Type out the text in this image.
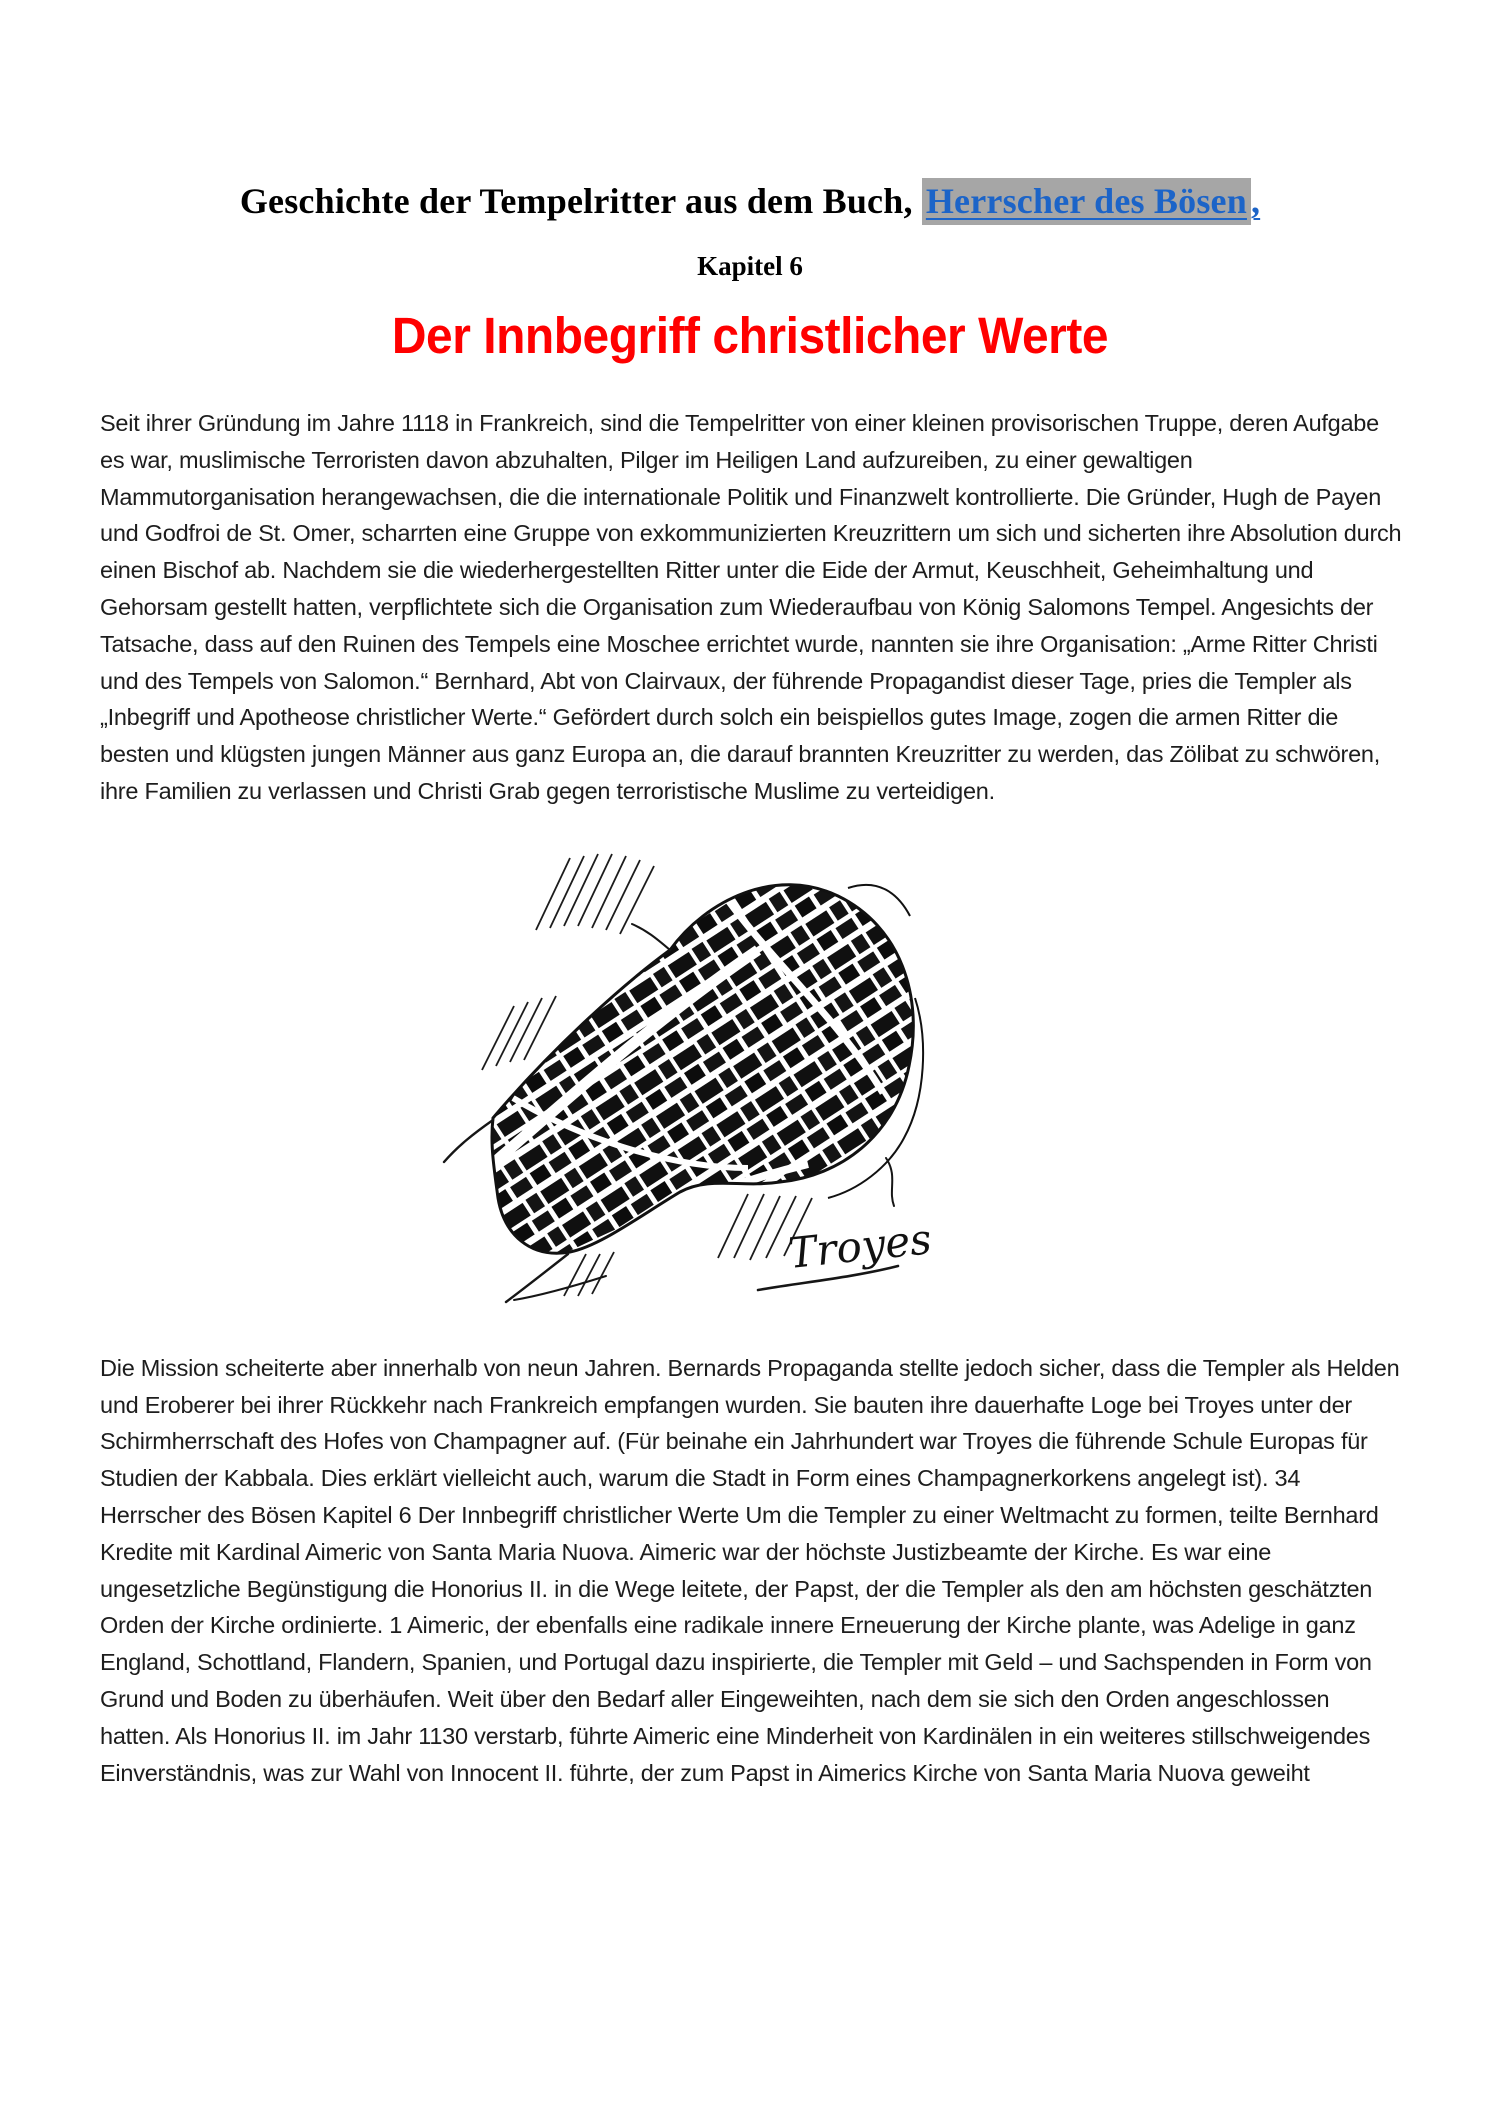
Geschichte der Tempelritter aus dem Buch, Herrscher des Bösen ,
Kapitel 6
Der Innbegriff christlicher Werte

Seit ihrer Gründung im Jahre 1118 in Frankreich, sind die Tempelritter von einer kleinen provisorischen Truppe, deren Aufgabe es war, muslimische Terroristen davon abzuhalten, Pilger im Heiligen Land aufzureiben, zu einer gewaltigen Mammutorganisation herangewachsen, die die internationale Politik und Finanzwelt kontrollierte. Die Gründer, Hugh de Payen und Godfroi de St. Omer, scharrten eine Gruppe von exkommunizierten Kreuzrittern um sich und sicherten ihre Absolution durch einen Bischof ab. Nachdem sie die wiederhergestellten Ritter unter die Eide der Armut, Keuschheit, Geheimhaltung und Gehorsam gestellt hatten, verpflichtete sich die Organisation zum Wiederaufbau von König Salomons Tempel. Angesichts der Tatsache, dass auf den Ruinen des Tempels eine Moschee errichtet wurde, nannten sie ihre Organisation: „Arme Ritter Christi und des Tempels von Salomon.“ Bernhard, Abt von Clairvaux, der führende Propagandist dieser Tage, pries die Templer als „Inbegriff und Apotheose christlicher Werte.“ Gefördert durch solch ein beispiellos gutes Image, zogen die armen Ritter die besten und klügsten jungen Männer aus ganz Europa an, die darauf brannten Kreuzritter zu werden, das Zölibat zu schwören, ihre Familien zu verlassen und Christi Grab gegen terroristische Muslime zu verteidigen.

Troyes

Die Mission scheiterte aber innerhalb von neun Jahren. Bernards Propaganda stellte jedoch sicher, dass die Templer als Helden und Eroberer bei ihrer Rückkehr nach Frankreich empfangen wurden. Sie bauten ihre dauerhafte Loge bei Troyes unter der Schirmherrschaft des Hofes von Champagner auf. (Für beinahe ein Jahrhundert war Troyes die führende Schule Europas für Studien der Kabbala. Dies erklärt vielleicht auch, warum die Stadt in Form eines Champagnerkorkens angelegt ist). 34 Herrscher des Bösen Kapitel 6 Der Innbegriff christlicher Werte Um die Templer zu einer Weltmacht zu formen, teilte Bernhard Kredite mit Kardinal Aimeric von Santa Maria Nuova. Aimeric war der höchste Justizbeamte der Kirche. Es war eine ungesetzliche Begünstigung die Honorius II. in die Wege leitete, der Papst, der die Templer als den am höchsten geschätzten Orden der Kirche ordinierte. 1 Aimeric, der ebenfalls eine radikale innere Erneuerung der Kirche plante, was Adelige in ganz England, Schottland, Flandern, Spanien, und Portugal dazu inspirierte, die Templer mit Geld – und Sachspenden in Form von Grund und Boden zu überhäufen. Weit über den Bedarf aller Eingeweihten, nach dem sie sich den Orden angeschlossen hatten. Als Honorius II. im Jahr 1130 verstarb, führte Aimeric eine Minderheit von Kardinälen in ein weiteres stillschweigendes Einverständnis, was zur Wahl von Innocent II. führte, der zum Papst in Aimerics Kirche von Santa Maria Nuova geweiht
